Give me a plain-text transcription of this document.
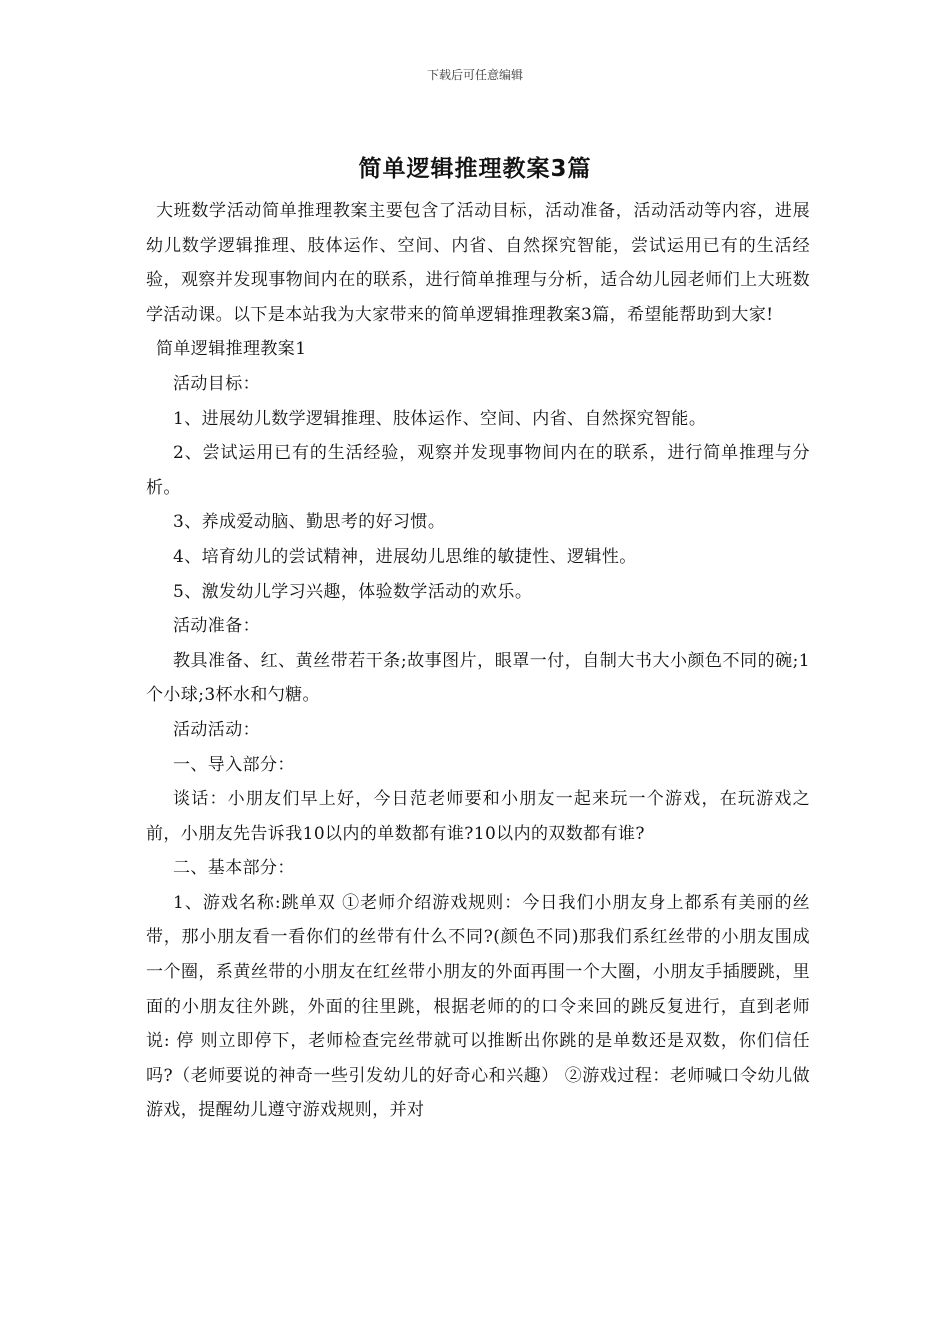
下载后可任意编辑
简单逻辑推理教案3篇

大班数学活动简单推理教案主要包含了活动目标，活动准备，活动活动等内容，进展幼儿数学逻辑推理、肢体运作、空间、内省、自然探究智能，尝试运用已有的生活经验，观察并发现事物间内在的联系，进行简单推理与分析，适合幼儿园老师们上大班数学活动课。以下是本站我为大家带来的简单逻辑推理教案3篇，希望能帮助到大家!

简单逻辑推理教案1

活动目标：

1、进展幼儿数学逻辑推理、肢体运作、空间、内省、自然探究智能。

2、尝试运用已有的生活经验，观察并发现事物间内在的联系，进行简单推理与分析。

3、养成爱动脑、勤思考的好习惯。

4、培育幼儿的尝试精神，进展幼儿思维的敏捷性、逻辑性。

5、激发幼儿学习兴趣，体验数学活动的欢乐。

活动准备：

教具准备、红、黄丝带若干条;故事图片，眼罩一付，自制大书大小颜色不同的碗;1个小球;3杯水和勺糖。

活动活动：

一、导入部分：

谈话：小朋友们早上好，今日范老师要和小朋友一起来玩一个游戏，在玩游戏之前，小朋友先告诉我10以内的单数都有谁?10以内的双数都有谁?

二、基本部分：

1、游戏名称:跳单双 ①老师介绍游戏规则：今日我们小朋友身上都系有美丽的丝带，那小朋友看一看你们的丝带有什么不同?(颜色不同)那我们系红丝带的小朋友围成一个圈，系黄丝带的小朋友在红丝带小朋友的外面再围一个大圈，小朋友手插腰跳，里面的小朋友往外跳，外面的往里跳，根据老师的的口令来回的跳反复进行，直到老师说: 停 则立即停下，老师检查完丝带就可以推断出你跳的是单数还是双数，你们信任吗?（老师要说的神奇一些引发幼儿的好奇心和兴趣） ②游戏过程：老师喊口令幼儿做游戏，提醒幼儿遵守游戏规则，并对
